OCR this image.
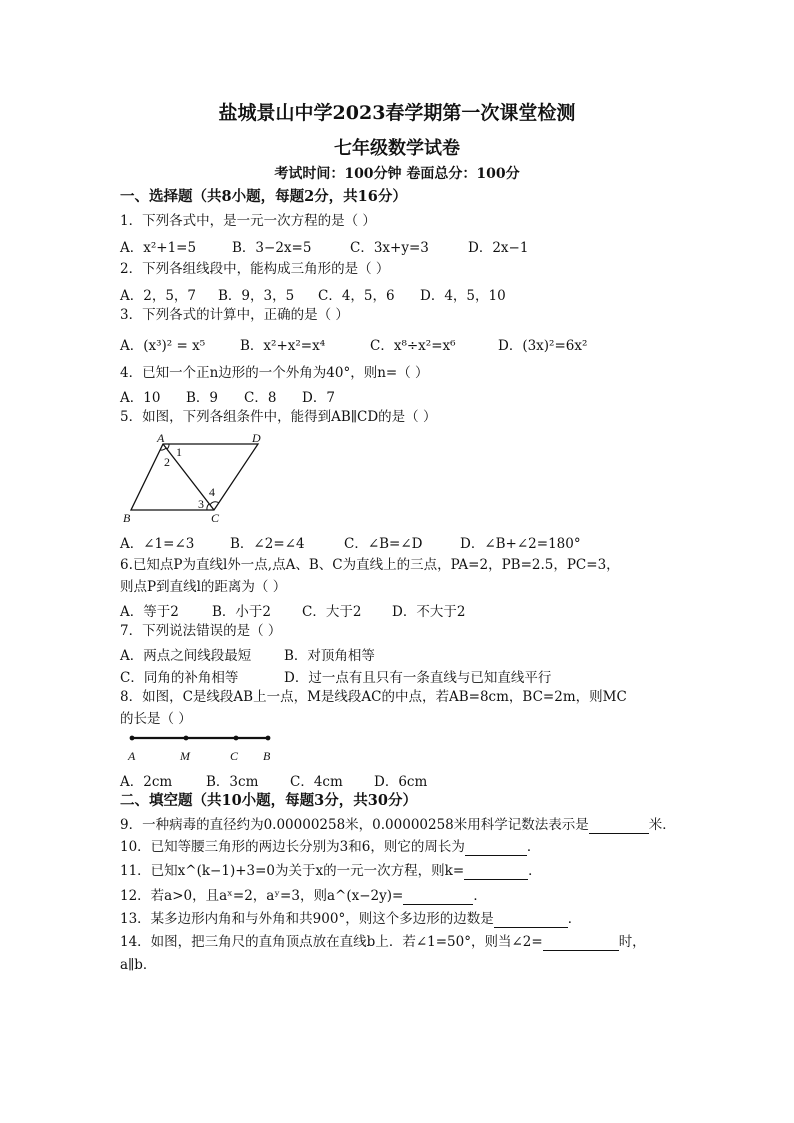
盐城景山中学2023春学期第一次课堂检测
七年级数学试卷
考试时间：100分钟 卷面总分：100分
一、选择题（共8小题，每题2分，共16分）
1．下列各式中，是一元一次方程的是（ ）
A．x²+1=5	B．3−2x=5	C．3x+y=3	D．2x−1
2．下列各组线段中，能构成三角形的是（ ）
A．2，5，7 B．9，3，5 C．4，5，6 D．4，5，10
3．下列各式的计算中，正确的是（ ）
A．(x³)² = x⁵	B．x²+x²=x⁴	C．x⁸÷x²=x⁶	D．(3x)²=6x²
4．已知一个正n边形的一个外角为40°，则n=（ ）
A．10 B．9 C．8 D．7
5．如图，下列各组条件中，能得到AB∥CD的是（ ）
A	D
B	C
1
2
3
4
A．∠1=∠3	B．∠2=∠4	C．∠B=∠D	D．∠B+∠2=180°
6.已知点P为直线l外一点,点A、B、C为直线上的三点，PA=2，PB=2.5，PC=3，
则点P到直线l的距离为（ ）
A．等于2 B．小于2 C．大于2 D．不大于2
7．下列说法错误的是（ ）
A．两点之间线段最短 B．对顶角相等
C．同角的补角相等	D．过一点有且只有一条直线与已知直线平行
8．如图，C是线段AB上一点，M是线段AC的中点，若AB=8cm，BC=2m，则MC
的长是（ ）
A	M	C B
A．2cm	B．3cm C．4cm D．6cm
二、填空题（共10小题，每题3分，共30分）
9．一种病毒的直径约为0.00000258米，0.00000258米用科学记数法表示是	米．
10．已知等腰三角形的两边长分别为3和6，则它的周长为	．
11．已知x^(k−1)+3=0为关于x的一元一次方程，则k=	．
12．若a>0，且aˣ=2，aʸ=3，则a^(x−2y)=	．
13．某多边形内角和与外角和共900°，则这个多边形的边数是	．
14．如图，把三角尺的直角顶点放在直线b上．若∠1=50°，则当∠2=	时，
a∥b．
